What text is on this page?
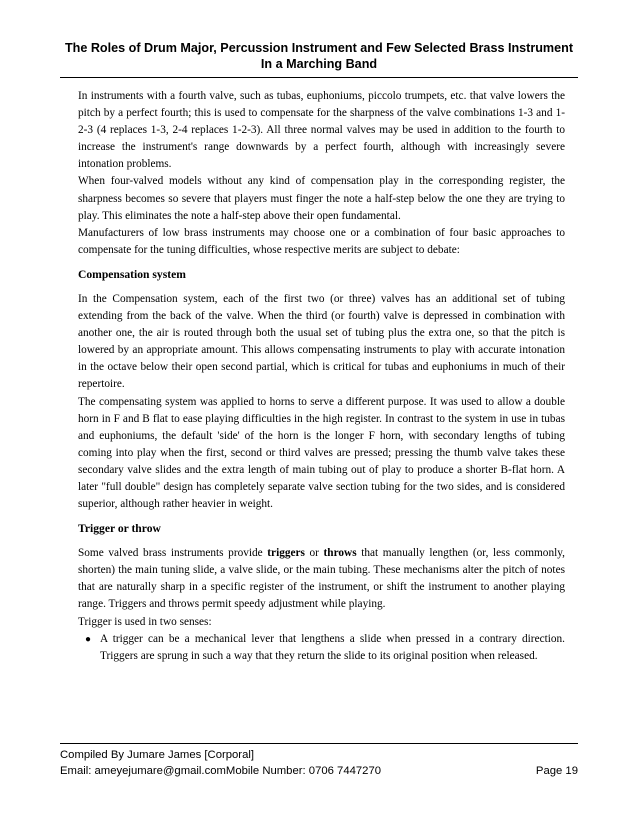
The Roles of Drum Major, Percussion Instrument and Few Selected Brass Instrument
In a Marching Band

In instruments with a fourth valve, such as tubas, euphoniums, piccolo trumpets, etc. that valve lowers the pitch by a perfect fourth; this is used to compensate for the sharpness of the valve combinations 1-3 and 1-2-3 (4 replaces 1-3, 2-4 replaces 1-2-3). All three normal valves may be used in addition to the fourth to increase the instrument's range downwards by a perfect fourth, although with increasingly severe intonation problems.

When four-valved models without any kind of compensation play in the corresponding register, the sharpness becomes so severe that players must finger the note a half-step below the one they are trying to play. This eliminates the note a half-step above their open fundamental.

Manufacturers of low brass instruments may choose one or a combination of four basic approaches to compensate for the tuning difficulties, whose respective merits are subject to debate:

Compensation system

In the Compensation system, each of the first two (or three) valves has an additional set of tubing extending from the back of the valve. When the third (or fourth) valve is depressed in combination with another one, the air is routed through both the usual set of tubing plus the extra one, so that the pitch is lowered by an appropriate amount. This allows compensating instruments to play with accurate intonation in the octave below their open second partial, which is critical for tubas and euphoniums in much of their repertoire.

The compensating system was applied to horns to serve a different purpose. It was used to allow a double horn in F and B flat to ease playing difficulties in the high register. In contrast to the system in use in tubas and euphoniums, the default 'side' of the horn is the longer F horn, with secondary lengths of tubing coming into play when the first, second or third valves are pressed; pressing the thumb valve takes these secondary valve slides and the extra length of main tubing out of play to produce a shorter B-flat horn. A later "full double" design has completely separate valve section tubing for the two sides, and is considered superior, although rather heavier in weight.

Trigger or throw

Some valved brass instruments provide triggers or throws that manually lengthen (or, less commonly, shorten) the main tuning slide, a valve slide, or the main tubing. These mechanisms alter the pitch of notes that are naturally sharp in a specific register of the instrument, or shift the instrument to another playing range. Triggers and throws permit speedy adjustment while playing.

Trigger is used in two senses:

● A trigger can be a mechanical lever that lengthens a slide when pressed in a contrary direction. Triggers are sprung in such a way that they return the slide to its original position when released.
Compiled By Jumare James [Corporal]
Email: ameyejumare@gmail.comMobile Number: 0706 7447270	Page 19
